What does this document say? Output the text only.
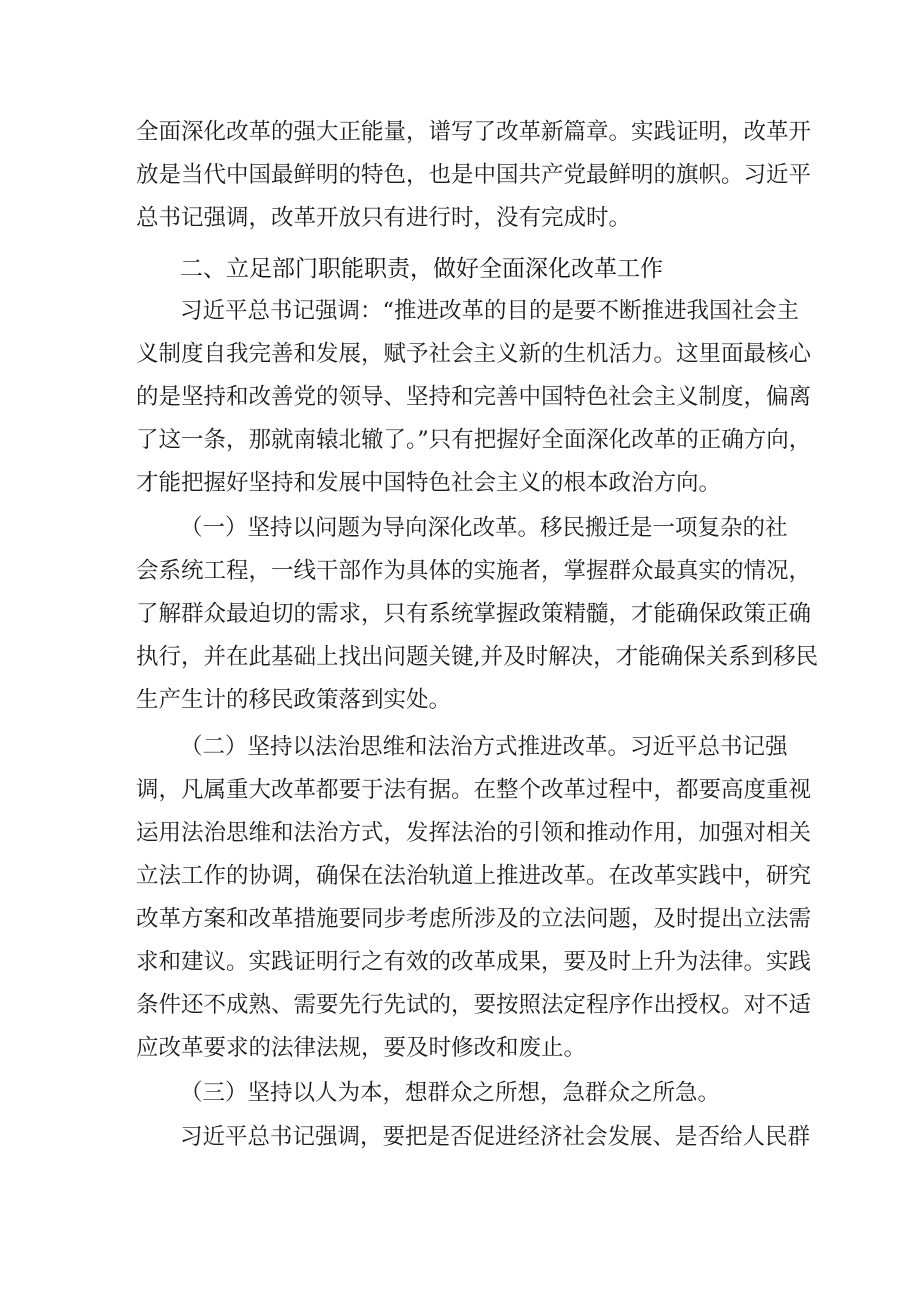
全面深化改革的强大正能量，谱写了改革新篇章。实践证明，改革开
放是当代中国最鲜明的特色，也是中国共产党最鲜明的旗帜。习近平
总书记强调，改革开放只有进行时，没有完成时。
二、立足部门职能职责，做好全面深化改革工作
习近平总书记强调：“推进改革的目的是要不断推进我国社会主
义制度自我完善和发展，赋予社会主义新的生机活力。这里面最核心
的是坚持和改善党的领导、坚持和完善中国特色社会主义制度，偏离
了这一条，那就南辕北辙了。”只有把握好全面深化改革的正确方向，
才能把握好坚持和发展中国特色社会主义的根本政治方向。
（一）坚持以问题为导向深化改革。移民搬迁是一项复杂的社
会系统工程，一线干部作为具体的实施者，掌握群众最真实的情况，
了解群众最迫切的需求，只有系统掌握政策精髓，才能确保政策正确
执行，并在此基础上找出问题关键,并及时解决，才能确保关系到移民
生产生计的移民政策落到实处。
（二）坚持以法治思维和法治方式推进改革。习近平总书记强
调，凡属重大改革都要于法有据。在整个改革过程中，都要高度重视
运用法治思维和法治方式，发挥法治的引领和推动作用，加强对相关
立法工作的协调，确保在法治轨道上推进改革。在改革实践中，研究
改革方案和改革措施要同步考虑所涉及的立法问题，及时提出立法需
求和建议。实践证明行之有效的改革成果，要及时上升为法律。实践
条件还不成熟、需要先行先试的，要按照法定程序作出授权。对不适
应改革要求的法律法规，要及时修改和废止。
（三）坚持以人为本，想群众之所想，急群众之所急。
习近平总书记强调，要把是否促进经济社会发展、是否给人民群
